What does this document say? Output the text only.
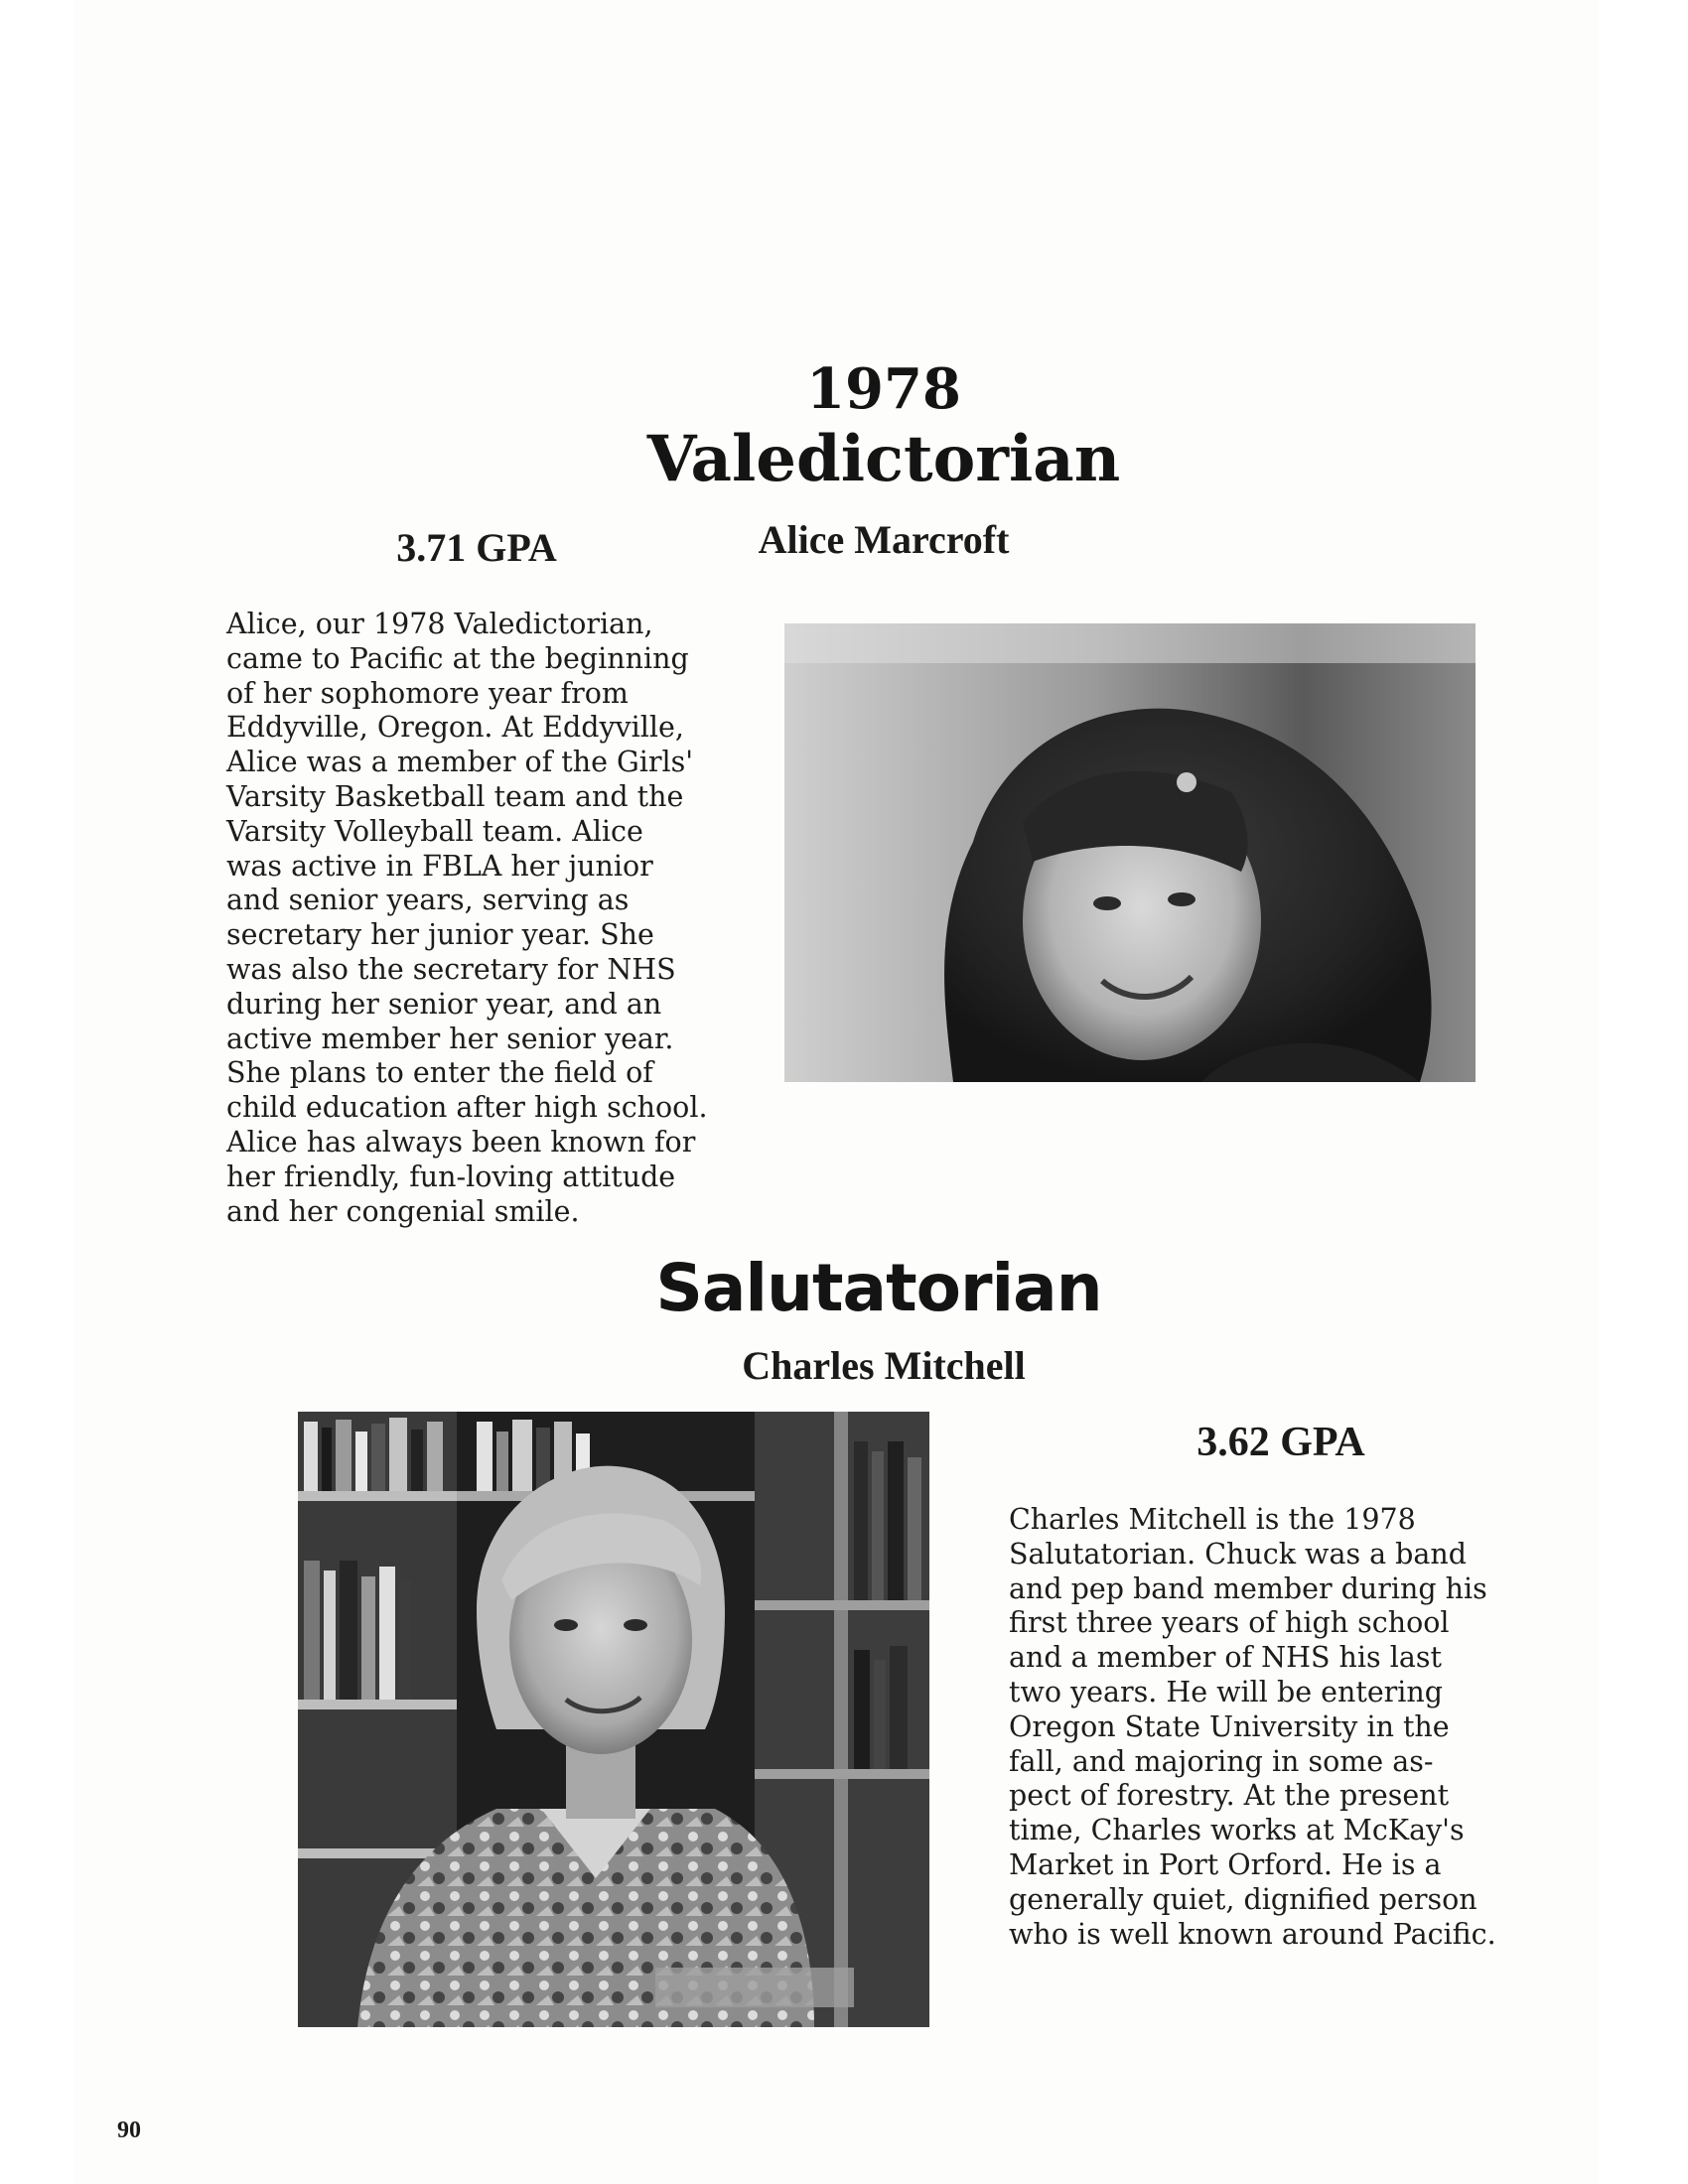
1978
Valedictorian
3.71 GPA	Alice Marcroft
Alice, our 1978 Valedictorian,
came to Pacific at the beginning
of her sophomore year from
Eddyville, Oregon. At Eddyville,
Alice was a member of the Girls'
Varsity Basketball team and the
Varsity Volleyball team. Alice
was active in FBLA her junior
and senior years, serving as
secretary her junior year. She
was also the secretary for NHS
during her senior year, and an
active member her senior year.
She plans to enter the field of
child education after high school.
Alice has always been known for
her friendly, fun-loving attitude
and her congenial smile.
Salutatorian
Charles Mitchell
3.62 GPA
Charles Mitchell is the 1978
Salutatorian. Chuck was a band
and pep band member during his
first three years of high school
and a member of NHS his last
two years. He will be entering
Oregon State University in the
fall, and majoring in some as-
pect of forestry. At the present
time, Charles works at McKay's
Market in Port Orford. He is a
generally quiet, dignified person
who is well known around Pacific.
90
